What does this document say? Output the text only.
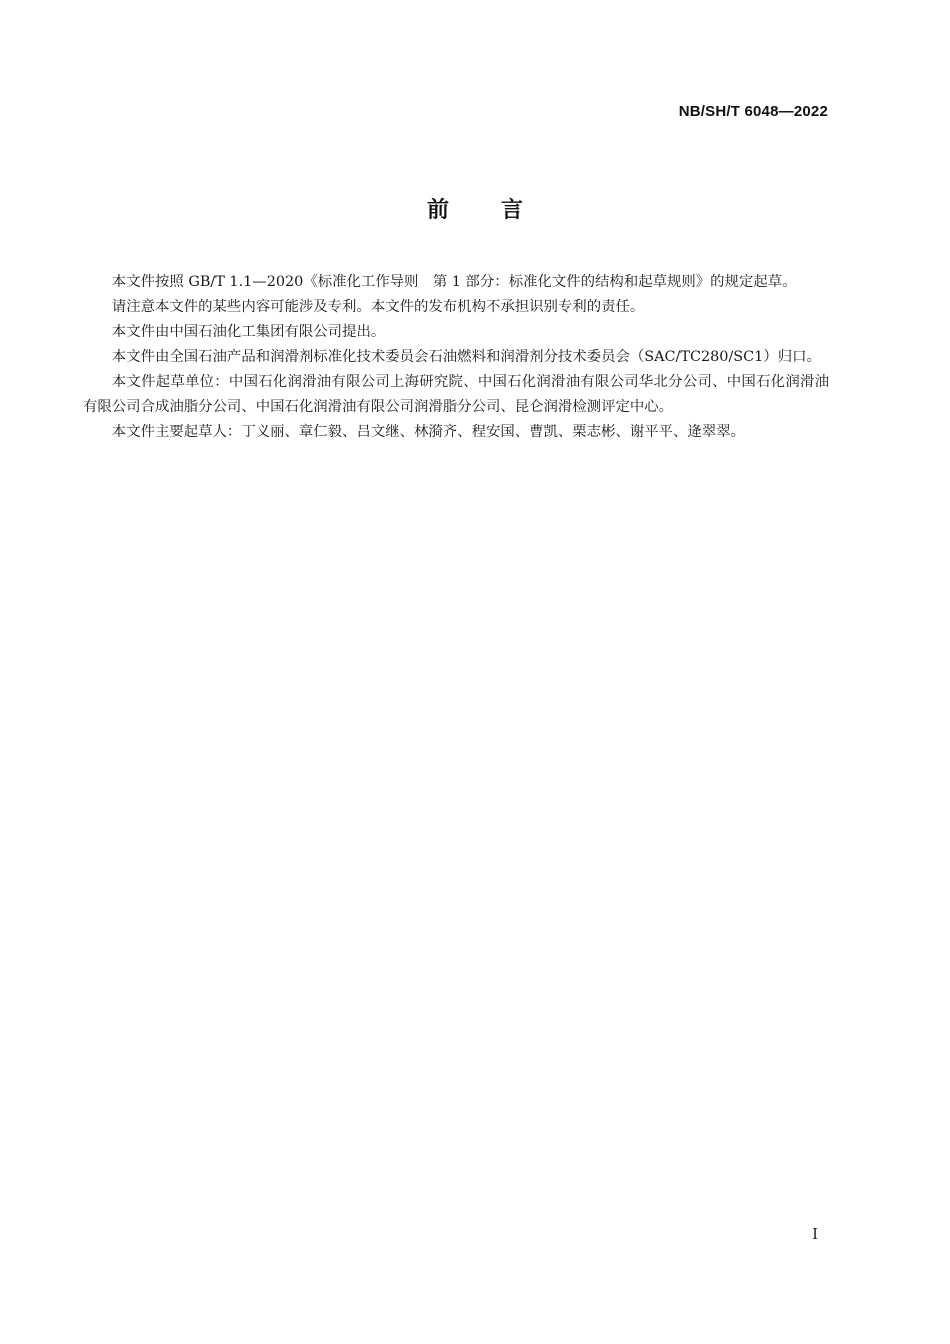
NB/SH/T 6048—2022
前言

本文件按照 GB/T 1.1—2020《标准化工作导则　第 1 部分：标准化文件的结构和起草规则》的规定起草。

请注意本文件的某些内容可能涉及专利。本文件的发布机构不承担识别专利的责任。

本文件由中国石油化工集团有限公司提出。

本文件由全国石油产品和润滑剂标准化技术委员会石油燃料和润滑剂分技术委员会（SAC/TC280/SC1）归口。

本文件起草单位：中国石化润滑油有限公司上海研究院、中国石化润滑油有限公司华北分公司、中国石化润滑油有限公司合成油脂分公司、中国石化润滑油有限公司润滑脂分公司、昆仑润滑检测评定中心。

本文件主要起草人：丁义丽、章仁毅、吕文继、林漪齐、程安国、曹凯、栗志彬、谢平平、逄翠翠。

I
